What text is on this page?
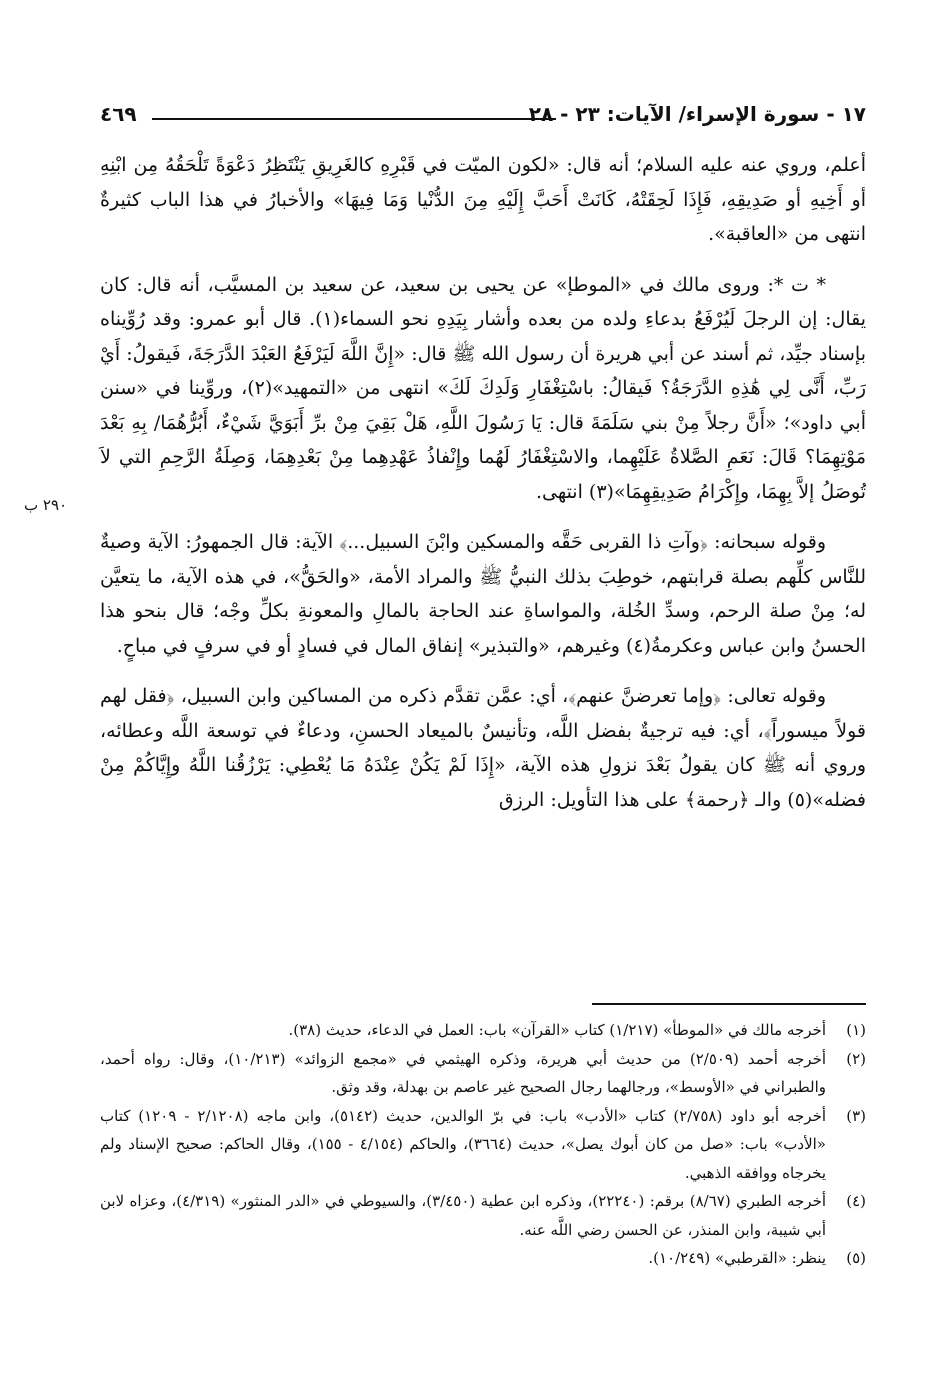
١٧ - سورة الإسراء/ الآيات: ٢٣ - ٢٨
٤٦٩
٢٩٠ ب

أعلم، وروي عنه عليه السلام؛ أنه قال: «لكون الميّت في قَبْرِهِ كالغَرِيقِ يَنْتَظِرُ دَعْوَةً تَلْحَقُهُ مِن ابْنِهِ أو أَخِيهِ أو صَدِيقِهِ، فَإِذَا لَحِقَتْهُ، كَانَتْ أَحَبَّ إِلَيْهِ مِنَ الدُّنْيا وَمَا فِيهَا» والأخبارُ في هذا الباب كثيرةٌ انتهى من «العاقبة».

* ت *: وروى مالك في «الموطإ» عن يحيى بن سعيد، عن سعيد بن المسيَّب، أنه قال: كان يقال: إن الرجلَ لَيُرْفَعُ بدعاءِ ولده من بعده وأشار بِيَدِهِ نحو السماء(١). قال أبو عمرو: وقد رُوِّيناه بإسناد جيِّد، ثم أسند عن أبي هريرة أن رسول الله ﷺ قال: «إِنَّ اللَّهَ لَيَرْفَعُ العَبْدَ الدَّرَجَةَ، فَيقولُ: أَيْ رَبِّ، أَنَّى لِي هَٰذِهِ الدَّرَجَةُ؟ فَيقالُ: باسْتِغْفَارِ وَلَدِكَ لَكَ» انتهى من «التمهيد»(٢)، وروِّينا في «سنن أبي داود»؛ «أَنَّ رجلاً مِنْ بني سَلَمَةَ قال: يَا رَسُولَ اللَّهِ، هَلْ بَقِيَ مِنْ برِّ أَبَوَيَّ شَيْءٌ، أَبُرُّهُمَا/ بِهِ بَعْدَ مَوْتِهِمَا؟ قَالَ: نَعَمِ الصَّلاةُ عَلَيْهِما، والاسْتِغْفَارُ لَهُما وإِنْفاذُ عَهْدِهِما مِنْ بَعْدِهِمَا، وَصِلَةُ الرَّحِمِ التي لاَ تُوصَلُ إلاَّ بِهِمَا، وإِكْرَامُ صَدِيقِهِمَا»(٣) انتهى.

وقوله سبحانه: ﴿وآتِ ذا القربى حَقَّه والمسكين وابْنَ السبيل...﴾ الآية: قال الجمهورُ: الآية وصيةٌ للنَّاس كلِّهم بصلة قرابتهم، خوطِبَ بذلك النبيُّ ﷺ والمراد الأمة، «والحَقُّ»، في هذه الآية، ما يتعيَّن له؛ مِنْ صلة الرحم، وسدِّ الخُلة، والمواساةِ عند الحاجة بالمالِ والمعونةِ بكلِّ وجْه؛ قال بنحو هذا الحسنُ وابن عباس وعكرمةُ(٤) وغيرهم، «والتبذير» إنفاق المال في فسادٍ أو في سرفٍ في مباحٍ.

وقوله تعالى: ﴿وإما تعرضنَّ عنهم﴾، أي: عمَّن تقدَّم ذكره من المساكين وابن السبيل، ﴿فقل لهم قولاً ميسوراً﴾، أي: فيه ترجيةٌ بفضل اللَّه، وتأنيسٌ بالميعاد الحسنِ، ودعاءٌ في توسعة اللَّه وعطائه، وروي أنه ﷺ كان يقولُ بَعْدَ نزولِ هذه الآية، «إِذَا لَمْ يَكُنْ عِنْدَهُ مَا يُعْطِي: يَرْزُقُنا اللَّهُ وإِيَّاكُمْ مِنْ فضله»(٥) والـ ﴿رحمة﴾ على هذا التأويل: الرزق

(١)
أخرجه مالك في «الموطأ» (١/٢١٧) كتاب «القرآن» باب: العمل في الدعاء، حديث (٣٨).
(٢)
أخرجه أحمد (٢/٥٠٩) من حديث أبي هريرة، وذكره الهيثمي في «مجمع الزوائد» (١٠/٢١٣)، وقال: رواه أحمد، والطبراني في «الأوسط»، ورجالهما رجال الصحيح غير عاصم بن بهدلة، وقد وثق.
(٣)
أخرجه أبو داود (٢/٧٥٨) كتاب «الأدب» باب: في برّ الوالدين، حديث (٥١٤٢)، وابن ماجه (٢/١٢٠٨ - ١٢٠٩) كتاب «الأدب» باب: «صل من كان أبوك يصل»، حديث (٣٦٦٤)، والحاكم (٤/١٥٤ - ١٥٥)، وقال الحاكم: صحيح الإسناد ولم يخرجاه ووافقه الذهبي.
(٤)
أخرجه الطبري (٨/٦٧) برقم: (٢٢٢٤٠)، وذكره ابن عطية (٣/٤٥٠)، والسيوطي في «الدر المنثور» (٤/٣١٩)، وعزاه لابن أبي شيبة، وابن المنذر، عن الحسن رضي اللَّه عنه.
(٥)
ينظر: «القرطبي» (١٠/٢٤٩).
